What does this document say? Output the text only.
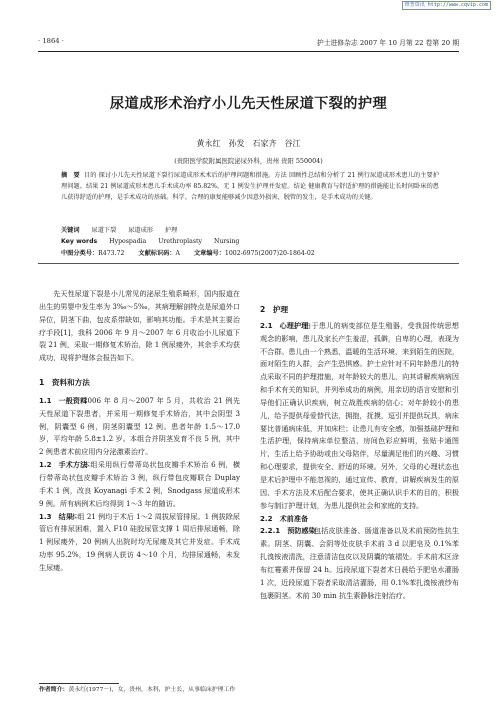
维普资讯 http://www.cqvip.com
· 1864 ·	护士进修杂志 2007 年 10 月第 22 卷第 20 期
尿道成形术治疗小儿先天性尿道下裂的护理
黄永红　孙发　石家齐　谷江
(贵阳医学院附属医院泌尿外科，贵州 贵阳 550004)
摘　要 目的 探讨小儿先天性尿道下裂行尿道成形术术后的护理问题和措施。方法 回顾性总结和分析了 21 例行尿道成形术患儿的主要护理问题。结果 21 例尿道成形术患儿手术成功率 85.82%，无 1 例发生护理并发症。结论 健康教育与舒适护理的措施能让长时间卧床的患儿获得舒适的护理，是手术成功的基础。科学、合理的康复能够减少因意外损害、脱管的发生，是手术成功的关键。
关键词 尿道下裂 尿道成形 护理
Key words Hypospadia Urethroplasty Nursing
中图分类号：R473.72 文献标识码：A 文章编号：1002-6975(2007)20-1864-02

先天性尿道下裂是小儿常见的泌尿生殖系畸形，国内报道在出生的男婴中发生率为 3‰～5‰，其病理解剖特点是尿道外口异位，阴茎下曲，包皮系带缺如，影响其功能。手术是其主要治疗手段[1]，我科 2006 年 9 月～2007 年 6 月收治小儿尿道下裂 21 例，采取一期修复术矫治，除 1 例尿瘘外，其余手术均获成功，现将护理体会报告如下。

1　资料和方法

1.1　一般资料

2006 年 8 月～2007 年 5 月，共收治 21 例先天性尿道下裂患者，并采用一期修复手术矫治，其中会阴型 3 例，阴囊型 6 例，阴茎阴囊型 12 例。患者年龄 1.5～17.0 岁，平均年龄 5.8±1.2 岁。本组合并阴茎发育不良 5 例，其中 2 例患者术前应用内分泌激素治疗。

1.2　手术方法

本组采用纵行带蒂岛状包皮瓣手术矫治 6 例，横行带蒂岛状包皮瓣手术矫治 3 例，纵行带包皮瓣联合 Duplay 手术 1 例，改良 Koyanagi 手术 2 例，Snodgass 尿道成形术 9 例。所有病例术后均得到 1～3 年的随访。

1.3　结果

本组 21 例均于术后 1～2 周拔尿管排尿。1 例拔除尿管后有排尿困难，置入 F10 硅胶尿管支撑 1 周后排尿通畅，除 1 例尿瘘外，20 例病人出院时均无尿瘘及其它并发症。手术成功率 95.2%，19 例病人获访 4～10 个月，均排尿通畅，未发生尿瘘。

2　护理

2.1　心理护理

由于患儿的病变部位是生殖器，受我国传统思想观念的影响，患儿及家长产生羞涩，孤僻，自卑的心理，表现为不合群。患儿由一个熟悉，温暖的生活环境，来到陌生的医院，面对陌生的人群，会产生恐惧感。护士应针对不同年龄患儿的特点采取不同的护理措施，对年龄较大的患儿，向其讲解疾病病因和手术有关的知识，并列举成功的病例，用亲切的语言安慰和引导他们正确认识疾病，树立战胜疾病的信心；对年龄较小的患儿，给予提供母爱替代法，拥抱，抚摸，逗引并提供玩具，病床要比普通病床低，并加床栏；让患儿有安全感，加强基础护理和生活护理，保持病床单位整洁，房间色彩应鲜明，张贴卡通图片，生活上给予协助或由父母陪伴，尽量满足他们的兴趣、习惯和心理要求，提供安全、舒适的环境。另外，父母的心理状态也是术后护理中不能忽视的，通过宣传、教育，讲解疾病发生的原因、手术方法及术后配合要求，使其正确认识手术的目的，积极参与制订护理计划，为患儿提供社会和家庭的支持。

2.2　术前准备

2.2.1　预防感染

包括皮肤准备、肠道准备以及术前预防性抗生素。阴茎、阴囊、会阴等处皮肤手术前 3 d 以肥皂及 0.1%苯扎溴铵液清洗，注意清洁包皮以及阴囊的皱褶处。手术前术区涂布红霉素并保留 24 h。远段尿道下裂者术日晨给予肥皂水灌肠 1 次，近段尿道下裂者采取清洁灌肠，用 0.1%苯扎溴铵液纱布包裹阴茎。术前 30 min 抗生素静脉注射治疗。

作者简介：黄永红(1977－)，女，贵州，本科，护士长，从事临床护理工作
